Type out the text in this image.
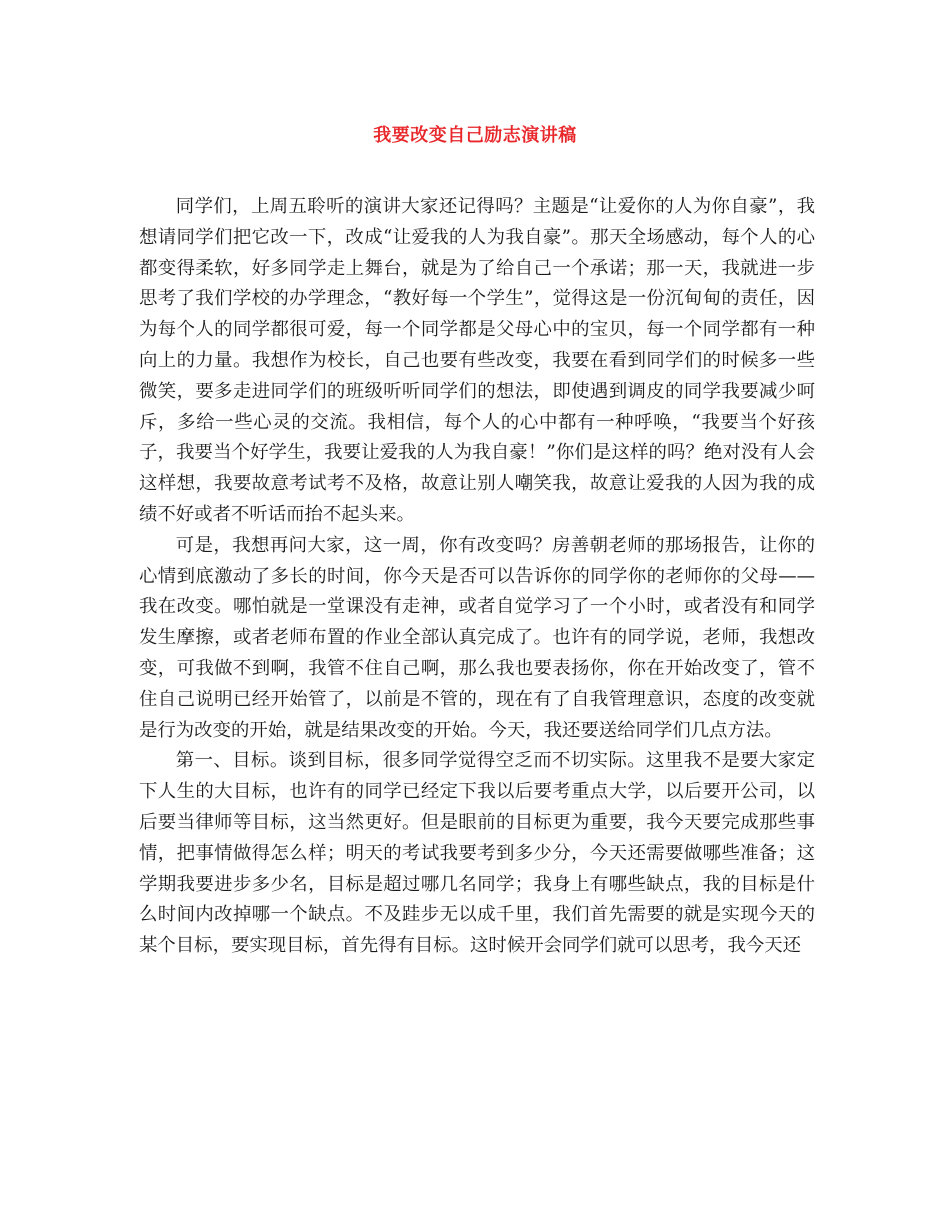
我要改变自己励志演讲稿

同学们，上周五聆听的演讲大家还记得吗？主题是“让爱你的人为你自豪”，我想请同学们把它改一下，改成“让爱我的人为我自豪”。那天全场感动，每个人的心都变得柔软，好多同学走上舞台，就是为了给自己一个承诺；那一天，我就进一步思考了我们学校的办学理念，“教好每一个学生”，觉得这是一份沉甸甸的责任，因为每个人的同学都很可爱，每一个同学都是父母心中的宝贝，每一个同学都有一种向上的力量。我想作为校长，自己也要有些改变，我要在看到同学们的时候多一些微笑，要多走进同学们的班级听听同学们的想法，即使遇到调皮的同学我要减少呵斥，多给一些心灵的交流。我相信，每个人的心中都有一种呼唤，“我要当个好孩子，我要当个好学生，我要让爱我的人为我自豪！”你们是这样的吗？绝对没有人会这样想，我要故意考试考不及格，故意让别人嘲笑我，故意让爱我的人因为我的成绩不好或者不听话而抬不起头来。

可是，我想再问大家，这一周，你有改变吗？房善朝老师的那场报告，让你的心情到底激动了多长的时间，你今天是否可以告诉你的同学你的老师你的父母——我在改变。哪怕就是一堂课没有走神，或者自觉学习了一个小时，或者没有和同学发生摩擦，或者老师布置的作业全部认真完成了。也许有的同学说，老师，我想改变，可我做不到啊，我管不住自己啊，那么我也要表扬你，你在开始改变了，管不住自己说明已经开始管了，以前是不管的，现在有了自我管理意识，态度的改变就是行为改变的开始，就是结果改变的开始。今天，我还要送给同学们几点方法。

第一、目标。谈到目标，很多同学觉得空乏而不切实际。这里我不是要大家定下人生的大目标，也许有的同学已经定下我以后要考重点大学，以后要开公司，以后要当律师等目标，这当然更好。但是眼前的目标更为重要，我今天要完成那些事情，把事情做得怎么样；明天的考试我要考到多少分，今天还需要做哪些准备；这学期我要进步多少名，目标是超过哪几名同学；我身上有哪些缺点，我的目标是什么时间内改掉哪一个缺点。不及跬步无以成千里，我们首先需要的就是实现今天的某个目标，要实现目标，首先得有目标。这时候开会同学们就可以思考，我今天还
